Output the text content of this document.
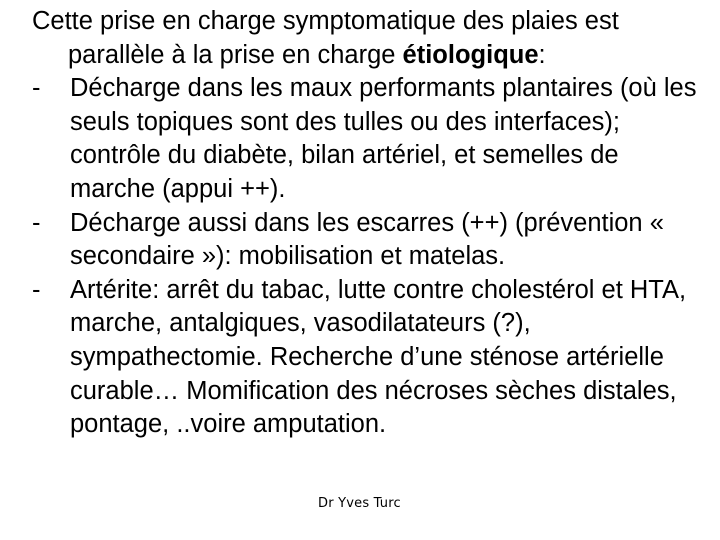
Cette prise en charge symptomatique des plaies est parallèle à la prise en charge étiologique:

- Décharge dans les maux performants plantaires (où les seuls topiques sont des tulles ou des interfaces); contrôle du diabète, bilan artériel, et semelles de marche (appui ++).
- Décharge aussi dans les escarres (++) (prévention « secondaire »): mobilisation et matelas.
- Artérite: arrêt du tabac, lutte contre cholestérol et HTA, marche, antalgiques, vasodilatateurs (?), sympathectomie. Recherche d’une sténose artérielle curable… Momification des nécroses sèches distales, pontage, ..voire amputation.
Dr Yves Turc
